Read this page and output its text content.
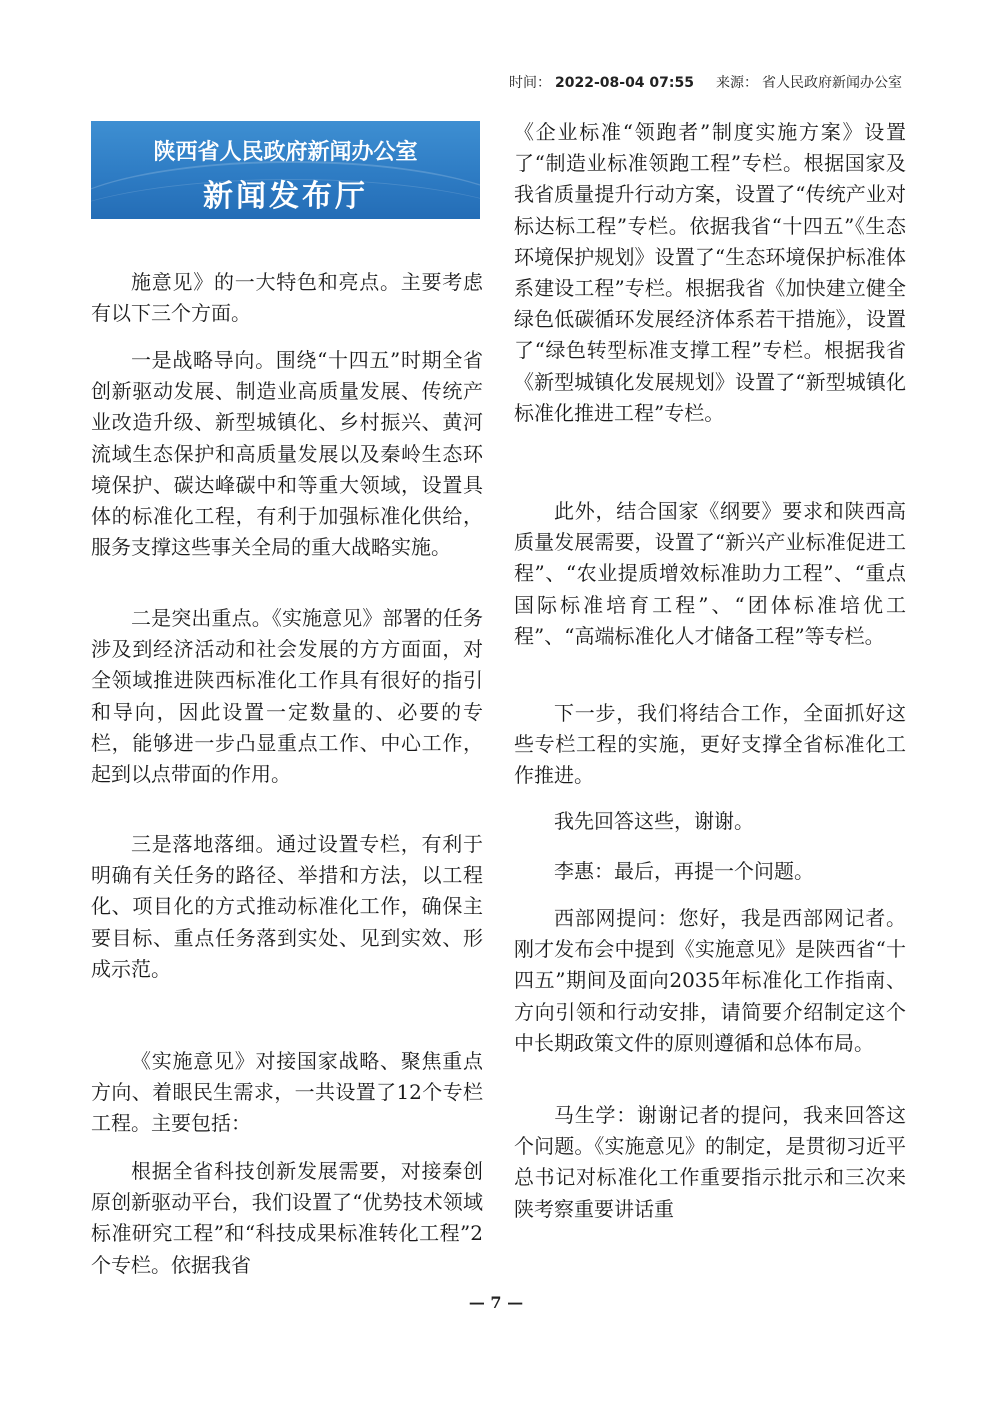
时间： 2022-08-04 07:55 来源： 省人民政府新闻办公室
陕西省人民政府新闻办公室
新闻发布厅

施意见》的一大特色和亮点。主要考虑有以下三个方面。

一是战略导向。围绕“十四五”时期全省创新驱动发展、制造业高质量发展、传统产业改造升级、新型城镇化、乡村振兴、黄河流域生态保护和高质量发展以及秦岭生态环境保护、碳达峰碳中和等重大领域，设置具体的标准化工程，有利于加强标准化供给，服务支撑这些事关全局的重大战略实施。

二是突出重点。《实施意见》部署的任务涉及到经济活动和社会发展的方方面面，对全领域推进陕西标准化工作具有很好的指引和导向，因此设置一定数量的、必要的专栏，能够进一步凸显重点工作、中心工作，起到以点带面的作用。

三是落地落细。通过设置专栏，有利于明确有关任务的路径、举措和方法，以工程化、项目化的方式推动标准化工作，确保主要目标、重点任务落到实处、见到实效、形成示范。

《实施意见》对接国家战略、聚焦重点方向、着眼民生需求，一共设置了12个专栏工程。主要包括：

根据全省科技创新发展需要，对接秦创原创新驱动平台，我们设置了“优势技术领域标准研究工程”和“科技成果标准转化工程”2个专栏。依据我省

《企业标准“领跑者”制度实施方案》设置了“制造业标准领跑工程”专栏。根据国家及我省质量提升行动方案，设置了“传统产业对标达标工程”专栏。依据我省“十四五”《生态环境保护规划》设置了“生态环境保护标准体系建设工程”专栏。根据我省《加快建立健全绿色低碳循环发展经济体系若干措施》，设置了“绿色转型标准支撑工程”专栏。根据我省《新型城镇化发展规划》设置了“新型城镇化标准化推进工程”专栏。

此外，结合国家《纲要》要求和陕西高质量发展需要，设置了“新兴产业标准促进工程”、“农业提质增效标准助力工程”、“重点国际标准培育工程”、“团体标准培优工程”、“高端标准化人才储备工程”等专栏。

下一步，我们将结合工作，全面抓好这些专栏工程的实施，更好支撑全省标准化工作推进。

我先回答这些，谢谢。

李惠：最后，再提一个问题。

西部网提问：您好，我是西部网记者。刚才发布会中提到《实施意见》是陕西省“十四五”期间及面向2035年标准化工作指南、方向引领和行动安排，请简要介绍制定这个中长期政策文件的原则遵循和总体布局。

马生学：谢谢记者的提问，我来回答这个问题。《实施意见》的制定，是贯彻习近平总书记对标准化工作重要指示批示和三次来陕考察重要讲话重

— 7 —
